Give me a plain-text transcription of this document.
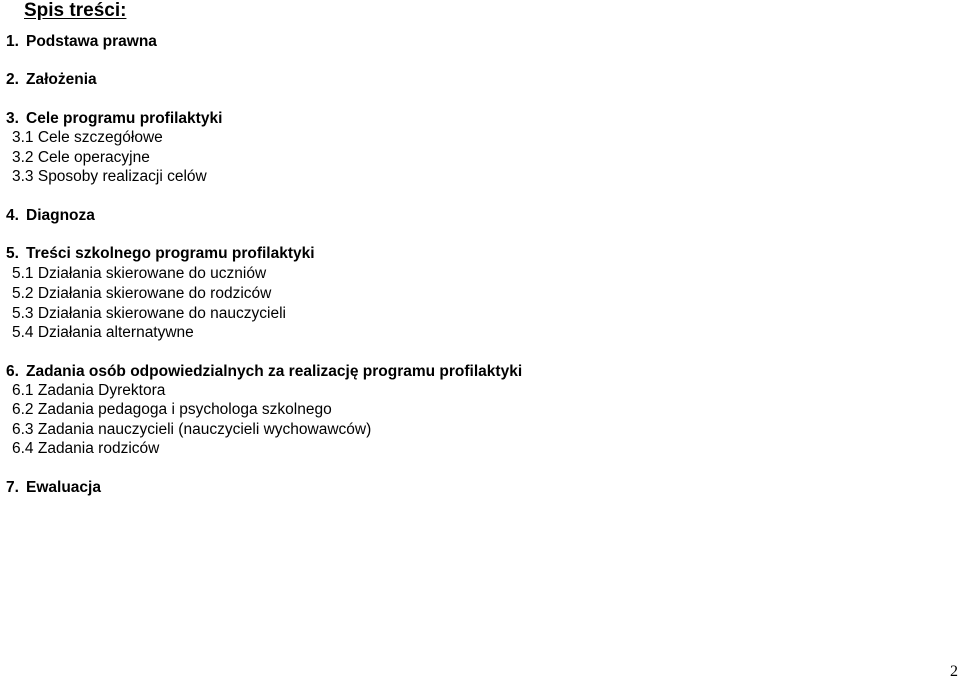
Spis treści:
1. Podstawa prawna
2. Założenia
3. Cele programu profilaktyki
3.1 Cele szczegółowe
3.2 Cele operacyjne
3.3 Sposoby realizacji celów
4. Diagnoza
5. Treści szkolnego programu profilaktyki
5.1 Działania skierowane do uczniów
5.2 Działania skierowane do rodziców
5.3 Działania skierowane do nauczycieli
5.4 Działania alternatywne
6. Zadania osób odpowiedzialnych za realizację programu profilaktyki
6.1 Zadania Dyrektora
6.2 Zadania pedagoga i psychologa szkolnego
6.3 Zadania nauczycieli (nauczycieli wychowawców)
6.4 Zadania rodziców
7. Ewaluacja
2
